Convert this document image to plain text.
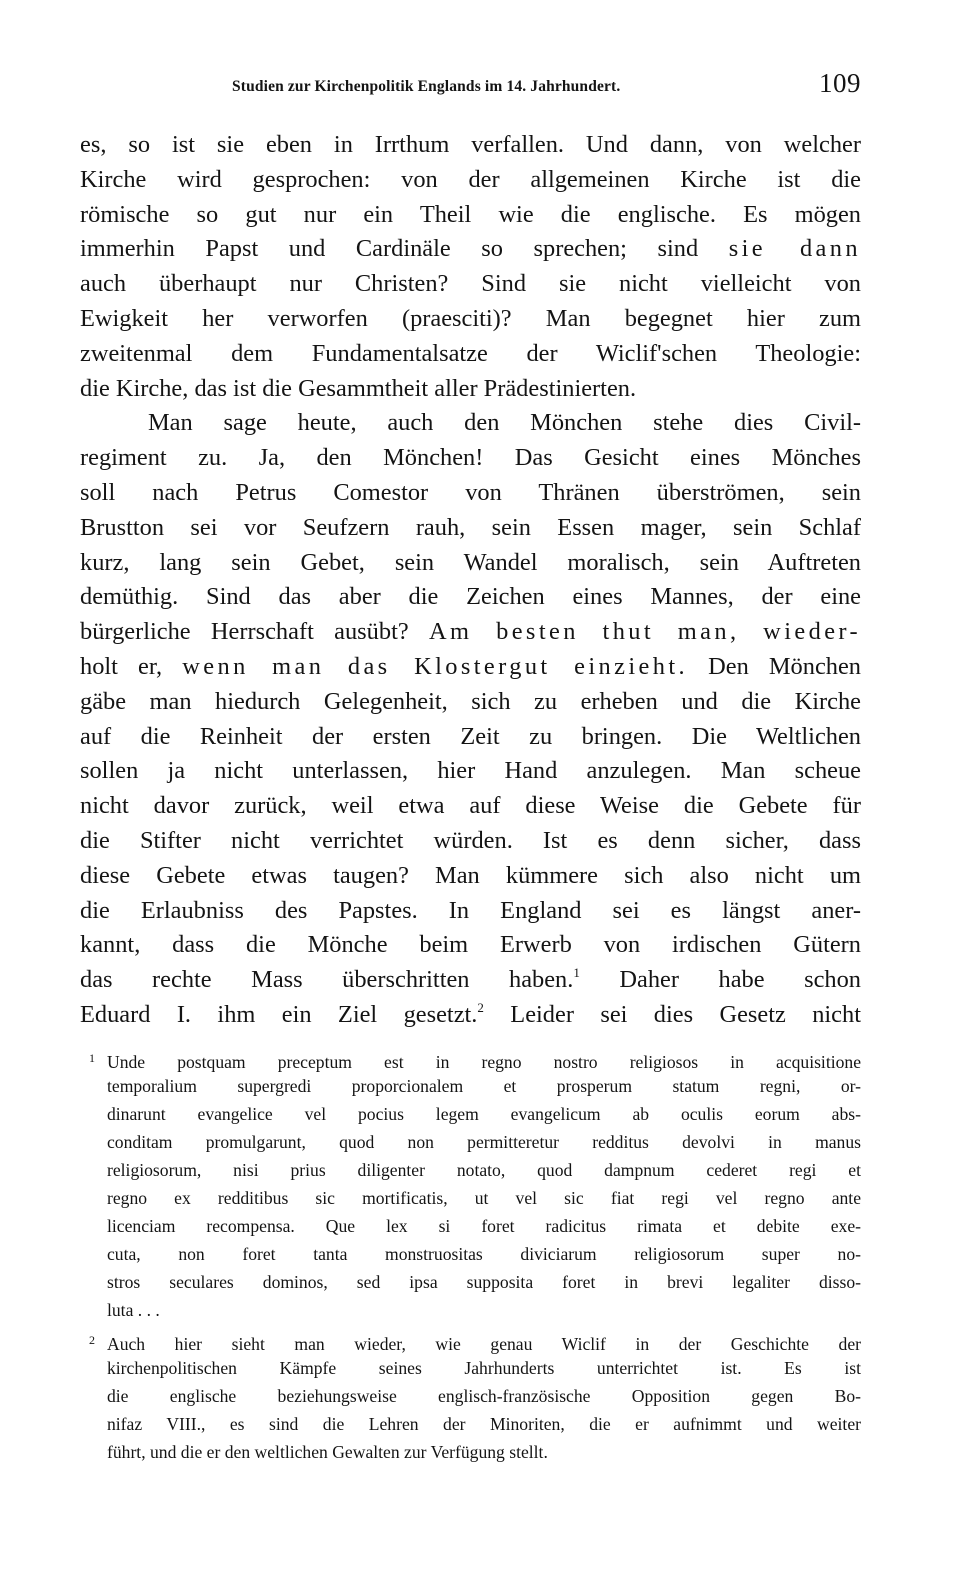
Studien zur Kirchenpolitik Englands im 14. Jahrhundert.	109
es, so ist sie eben in Irrthum verfallen. Und dann, von welcher
Kirche wird gesprochen: von der allgemeinen Kirche ist die
römische so gut nur ein Theil wie die englische. Es mögen
immerhin Papst und Cardinäle so sprechen; sind sie dann
auch überhaupt nur Christen? Sind sie nicht vielleicht von
Ewigkeit her verworfen (praesciti)? Man begegnet hier zum
zweitenmal dem Fundamentalsatze der Wiclif'schen Theologie:
die Kirche, das ist die Gesammtheit aller Prädestinierten.
Man sage heute, auch den Mönchen stehe dies Civil-
regiment zu. Ja, den Mönchen! Das Gesicht eines Mönches
soll nach Petrus Comestor von Thränen überströmen, sein
Brustton sei vor Seufzern rauh, sein Essen mager, sein Schlaf
kurz, lang sein Gebet, sein Wandel moralisch, sein Auftreten
demüthig. Sind das aber die Zeichen eines Mannes, der eine
bürgerliche Herrschaft ausübt? Am besten thut man, wieder-
holt er, wenn man das Klostergut einzieht. Den Mönchen
gäbe man hiedurch Gelegenheit, sich zu erheben und die Kirche
auf die Reinheit der ersten Zeit zu bringen. Die Weltlichen
sollen ja nicht unterlassen, hier Hand anzulegen. Man scheue
nicht davor zurück, weil etwa auf diese Weise die Gebete für
die Stifter nicht verrichtet würden. Ist es denn sicher, dass
diese Gebete etwas taugen? Man kümmere sich also nicht um
die Erlaubniss des Papstes. In England sei es längst aner-
kannt, dass die Mönche beim Erwerb von irdischen Gütern
das rechte Mass überschritten haben.$^1$ Daher habe schon
Eduard I. ihm ein Ziel gesetzt.$^2$ Leider sei dies Gesetz nicht
1 Unde postquam preceptum est in regno nostro religiosos in acquisitione
temporalium supergredi proporcionalem et prosperum statum regni, or-
dinarunt evangelice vel pocius legem evangelicum ab oculis eorum abs-
conditam promulgarunt, quod non permitteretur redditus devolvi in manus
religiosorum, nisi prius diligenter notato, quod dampnum cederet regi et
regno ex redditibus sic mortificatis, ut vel sic fiat regi vel regno ante
licenciam recompensa. Que lex si foret radicitus rimata et debite exe-
cuta, non foret tanta monstruositas diviciarum religiosorum super no-
stros seculares dominos, sed ipsa supposita foret in brevi legaliter disso-
luta . . .
2 Auch hier sieht man wieder, wie genau Wiclif in der Geschichte der
kirchenpolitischen Kämpfe seines Jahrhunderts unterrichtet ist. Es ist
die englische beziehungsweise englisch-französische Opposition gegen Bo-
nifaz VIII., es sind die Lehren der Minoriten, die er aufnimmt und weiter
führt, und die er den weltlichen Gewalten zur Verfügung stellt.
